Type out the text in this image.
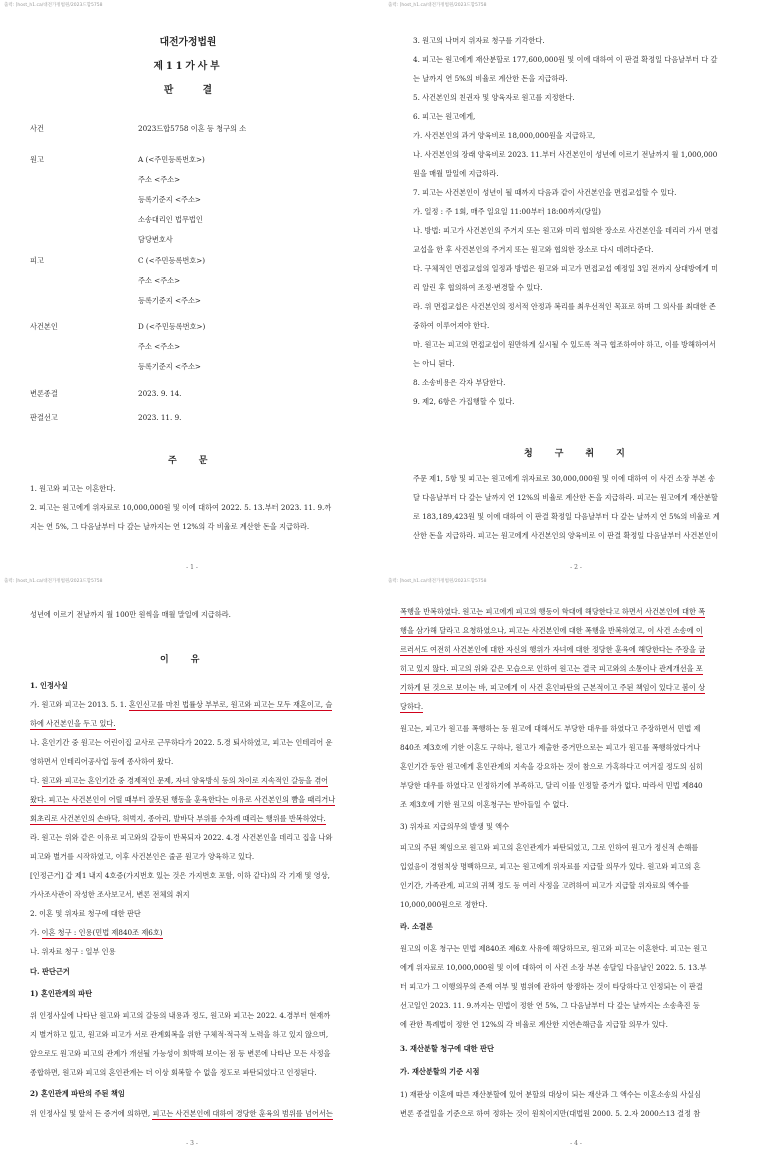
출력: [host_h1.ca/대전가정법원/2023드합5758
대전가정법원
제11가사부
판결
사건	2023드합5758 이혼 등 청구의 소
원고	A (<주민등록번호>)
주소 <주소>
등록기준지 <주소>
소송대리인 법무법인
담당변호사
피고	C (<주민등록번호>)
주소 <주소>
등록기준지 <주소>
사건본인	D (<주민등록번호>)
주소 <주소>
등록기준지 <주소>
변론종결	2023. 9. 14.
판결선고	2023. 11. 9.
주문
1. 원고와 피고는 이혼한다.
2. 피고는 원고에게 위자료로 10,000,000원 및 이에 대하여 2022. 5. 13.부터 2023. 11. 9.까
지는 연 5%, 그 다음날부터 다 갚는 날까지는 연 12%의 각 비율로 계산한 돈을 지급하라.
- 1 -
출력: [host_h1.ca/대전가정법원/2023드합5758
3. 원고의 나머지 위자료 청구를 기각한다.
4. 피고는 원고에게 재산분할로 177,600,000원 및 이에 대하여 이 판결 확정일 다음날부터 다 갚
는 날까지 연 5%의 비율로 계산한 돈을 지급하라.
5. 사건본인의 친권자 및 양육자로 원고를 지정한다.
6. 피고는 원고에게,
가. 사건본인의 과거 양육비로 18,000,000원을 지급하고,
나. 사건본인의 장래 양육비로 2023. 11.부터 사건본인이 성년에 이르기 전날까지 월 1,000,000
원을 매월 말일에 지급하라.
7. 피고는 사건본인이 성년이 될 때까지 다음과 같이 사건본인을 면접교섭할 수 있다.
가. 일정 : 주 1회, 매주 일요일 11:00부터 18:00까지(당일)
나. 방법: 피고가 사건본인의 주거지 또는 원고와 미리 협의한 장소로 사건본인을 데리러 가서 면접
교섭을 한 후 사건본인의 주거지 또는 원고와 협의한 장소로 다시 데려다준다.
다. 구체적인 면접교섭의 일정과 방법은 원고와 피고가 면접교섭 예정일 3일 전까지 상대방에게 미
리 알린 후 협의하여 조정·변경할 수 있다.
라. 위 면접교섭은 사건본인의 정서적 안정과 복리를 최우선적인 목표로 하며 그 의사를 최대한 존
중하여 이루어져야 한다.
마. 원고는 피고의 면접교섭이 원만하게 실시될 수 있도록 적극 협조하여야 하고, 이를 방해하여서
는 아니 된다.
8. 소송비용은 각자 부담한다.
9. 제2, 6항은 가집행할 수 있다.
청구취지
주문 제1, 5항 및 피고는 원고에게 위자료로 30,000,000원 및 이에 대하여 이 사건 소장 부본 송
달 다음날부터 다 갚는 날까지 연 12%의 비율로 계산한 돈을 지급하라. 피고는 원고에게 재산분할
로 183,189,423원 및 이에 대하여 이 판결 확정일 다음날부터 다 갚는 날까지 연 5%의 비율로 계
산한 돈을 지급하라. 피고는 원고에게 사건본인의 양육비로 이 판결 확정일 다음날부터 사건본인이
- 2 -
출력: [host_h1.ca/대전가정법원/2023드합5758
성년에 이르기 전날까지 월 100만 원씩을 매월 말일에 지급하라.
이유
1. 인정사실
가. 원고와 피고는 2013. 5. 1. 혼인신고를 마친 법률상 부부로, 원고와 피고는 모두 재혼이고, 슬
하에 사건본인을 두고 있다.
나. 혼인기간 중 원고는 어린이집 교사로 근무하다가 2022. 5.경 퇴사하였고, 피고는 인테리어 운
영하면서 인테리어공사업 등에 종사하여 왔다.
다. 원고와 피고는 혼인기간 중 경제적인 문제, 자녀 양육방식 등의 차이로 지속적인 갈등을 겪어
왔다. 피고는 사건본인이 어릴 때부터 잘못된 행동을 훈육한다는 이유로 사건본인의 뺨을 때리거나
회초리로 사건본인의 손바닥, 허벅지, 종아리, 발바닥 부위를 수차례 때리는 행위를 반복하였다.
라. 원고는 위와 같은 이유로 피고와의 갈등이 반복되자 2022. 4.경 사건본인을 데리고 집을 나와
피고와 별거를 시작하였고, 이후 사건본인은 줄곧 원고가 양육하고 있다.
[인정근거] 갑 제1 내지 4호증(가지번호 있는 것은 가지번호 포함, 이하 같다)의 각 기재 및 영상,
가사조사관이 작성한 조사보고서, 변론 전체의 취지
2. 이혼 및 위자료 청구에 대한 판단
가. 이혼 청구 : 인용(민법 제840조 제6호)
나. 위자료 청구 : 일부 인용
다. 판단근거
1) 혼인관계의 파탄
위 인정사실에 나타난 원고와 피고의 갈등의 내용과 정도, 원고와 피고는 2022. 4.경부터 현재까
지 별거하고 있고, 원고와 피고가 서로 관계회복을 위한 구체적·적극적 노력을 하고 있지 않으며,
앞으로도 원고와 피고의 관계가 개선될 가능성이 희박해 보이는 점 등 변론에 나타난 모든 사정을
종합하면, 원고와 피고의 혼인관계는 더 이상 회복할 수 없을 정도로 파탄되었다고 인정된다.
2) 혼인관계 파탄의 주된 책임
위 인정사실 및 앞서 든 증거에 의하면, 피고는 사건본인에 대하여 경당한 훈육의 범위를 넘어서는
- 3 -
출력: [host_h1.ca/대전가정법원/2023드합5758
폭행을 반복하였다. 원고는 피고에게 피고의 행동이 학대에 해당한다고 하면서 사건본인에 대한 폭
행을 삼가해 달라고 요청하였으나, 피고는 사건본인에 대한 폭행을 반복하였고, 이 사건 소송에 이
르러서도 여전히 사건본인에 대한 자신의 행위가 자녀에 대한 정당한 훈육에 해당한다는 주장을 굽
히고 있지 않다. 피고의 위와 같은 모습으로 인하여 원고는 결국 피고와의 소통이나 관계개선을 포
기하게 된 것으로 보이는 바, 피고에게 이 사건 혼인파탄의 근본적이고 주된 책임이 있다고 봄이 상
당하다.
원고는, 피고가 원고를 폭행하는 등 원고에 대해서도 부당한 대우를 하였다고 주장하면서 민법 제
840조 제3호에 기한 이혼도 구하나, 원고가 제출한 증거만으로는 피고가 원고를 폭행하였다거나
혼인기간 동안 원고에게 혼인관계의 지속을 강요하는 것이 참으로 가혹하다고 여겨질 정도의 심히
부당한 대우를 하였다고 인정하기에 부족하고, 달리 이를 인정할 증거가 없다. 따라서 민법 제840
조 제3호에 기한 원고의 이혼청구는 받아들일 수 없다.
3) 위자료 지급의무의 발생 및 액수
피고의 주된 책임으로 원고와 피고의 혼인관계가 파탄되었고, 그로 인하여 원고가 정신적 손해를
입었음이 경험칙상 명백하므로, 피고는 원고에게 위자료를 지급할 의무가 있다. 원고와 피고의 혼
인기간, 가족관계, 피고의 귀책 정도 등 여러 사정을 고려하여 피고가 지급할 위자료의 액수를
10,000,000원으로 정한다.
라. 소결론
원고의 이혼 청구는 민법 제840조 제6호 사유에 해당하므로, 원고와 피고는 이혼한다. 피고는 원고
에게 위자료로 10,000,000원 및 이에 대하여 이 사건 소장 부본 송달일 다음날인 2022. 5. 13.부
터 피고가 그 이행의무의 존재 여부 및 범위에 관하여 항쟁하는 것이 타당하다고 인정되는 이 판결
선고일인 2023. 11. 9.까지는 민법이 정한 연 5%, 그 다음날부터 다 갚는 날까지는 소송촉진 등
에 관한 특례법이 정한 연 12%의 각 비율로 계산한 지연손해금을 지급할 의무가 있다.
3. 재산분할 청구에 대한 판단
가. 재산분할의 기준 시점
1) 재판상 이혼에 따른 재산분할에 있어 분할의 대상이 되는 재산과 그 액수는 이혼소송의 사실심
변론 종결일을 기준으로 하여 정하는 것이 원칙이지만(대법원 2000. 5. 2.자 2000스13 결정 참
- 4 -
